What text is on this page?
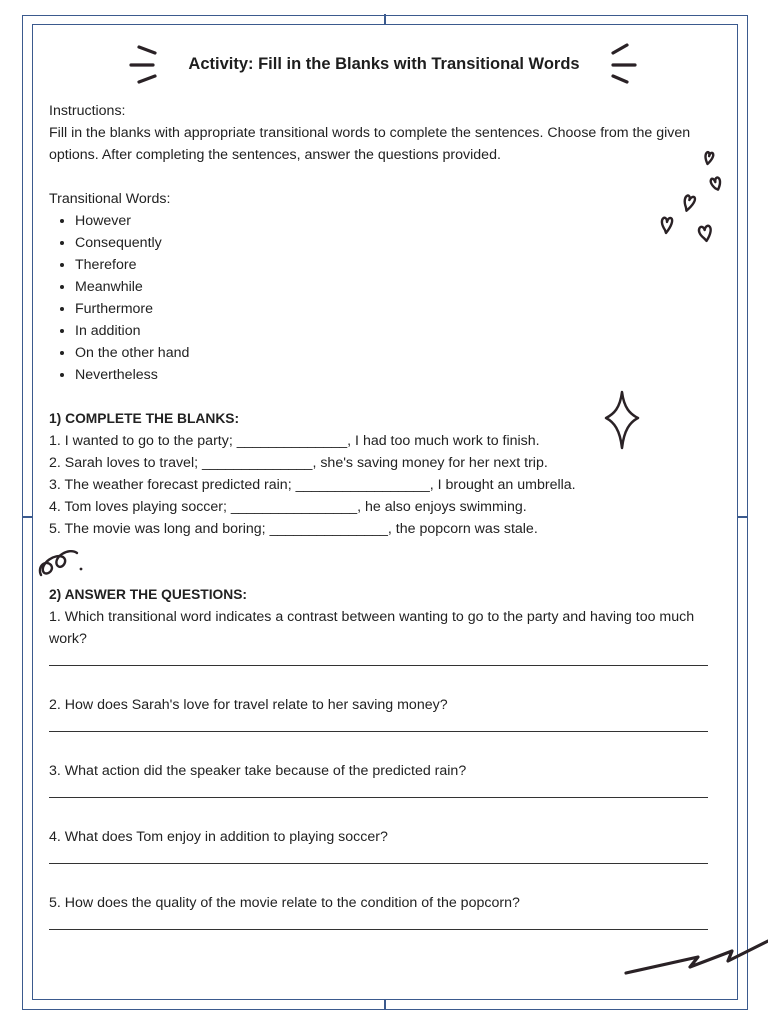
Activity: Fill in the Blanks with Transitional Words

Instructions:

Fill in the blanks with appropriate transitional words to complete the sentences. Choose from the given options. After completing the sentences, answer the questions provided.

Transitional Words:

• However
• Consequently
• Therefore
• Meanwhile
• Furthermore
• In addition
• On the other hand
• Nevertheless

1) COMPLETE THE BLANKS:

1. I wanted to go to the party; ______________, I had too much work to finish.

2. Sarah loves to travel; ______________, she's saving money for her next trip.

3. The weather forecast predicted rain; _________________, I brought an umbrella.

4. Tom loves playing soccer; ________________, he also enjoys swimming.

5. The movie was long and boring; _______________, the popcorn was stale.

2) ANSWER THE QUESTIONS:

1. Which transitional word indicates a contrast between wanting to go to the party and having too much work?

2. How does Sarah's love for travel relate to her saving money?

3. What action did the speaker take because of the predicted rain?

4. What does Tom enjoy in addition to playing soccer?

5. How does the quality of the movie relate to the condition of the popcorn?
